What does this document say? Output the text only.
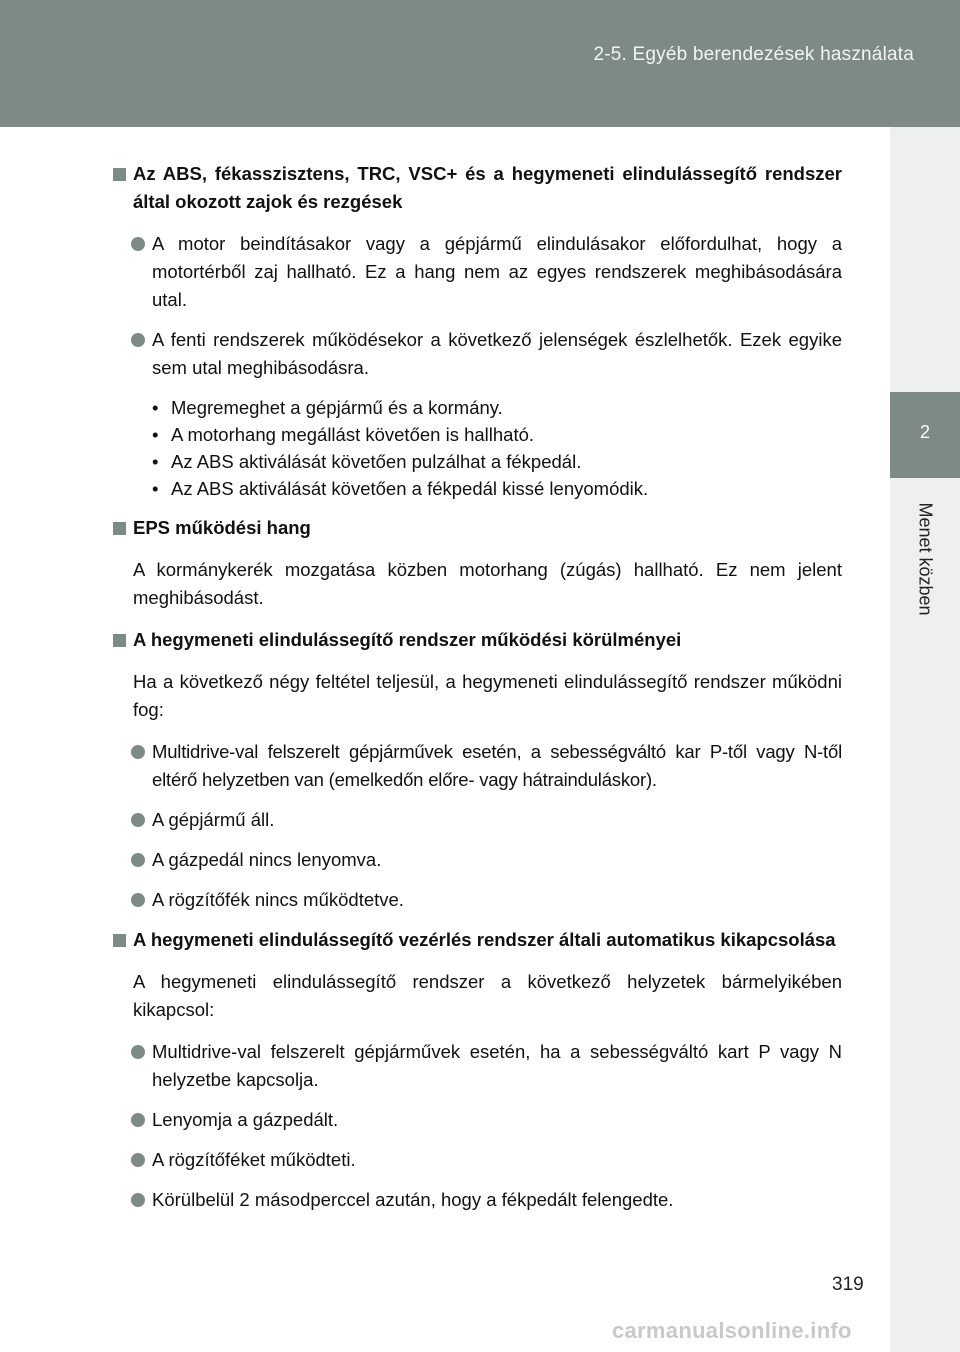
2-5. Egyéb berendezések használata
2
Menet közben
Az ABS, fékasszisztens, TRC, VSC+ és a hegymeneti elindulássegítő rendszer által okozott zajok és rezgések
A motor beindításakor vagy a gépjármű elindulásakor előfordulhat, hogy a motortérből zaj hallható. Ez a hang nem az egyes rendszerek meghibásodására utal.
A fenti rendszerek működésekor a következő jelenségek észlelhetők. Ezek egyike sem utal meghibásodásra.
• Megremeghet a gépjármű és a kormány.
• A motorhang megállást követően is hallható.
• Az ABS aktiválását követően pulzálhat a fékpedál.
• Az ABS aktiválását követően a fékpedál kissé lenyomódik.
EPS működési hang
A kormánykerék mozgatása közben motorhang (zúgás) hallható. Ez nem jelent meghibásodást.
A hegymeneti elindulássegítő rendszer működési körülményei
Ha a következő négy feltétel teljesül, a hegymeneti elindulássegítő rendszer működni fog:
Multidrive-val felszerelt gépjárművek esetén, a sebességváltó kar P-től vagy N-től eltérő helyzetben van (emelkedőn előre- vagy hátrainduláskor).
A gépjármű áll.
A gázpedál nincs lenyomva.
A rögzítőfék nincs működtetve.
A hegymeneti elindulássegítő vezérlés rendszer általi automatikus kikapcsolása
A hegymeneti elindulássegítő rendszer a következő helyzetek bármelyikében kikapcsol:
Multidrive-val felszerelt gépjárművek esetén, ha a sebességváltó kart P vagy N helyzetbe kapcsolja.
Lenyomja a gázpedált.
A rögzítőféket működteti.
Körülbelül 2 másodperccel azután, hogy a fékpedált felengedte.
319
carmanualsonline.info
